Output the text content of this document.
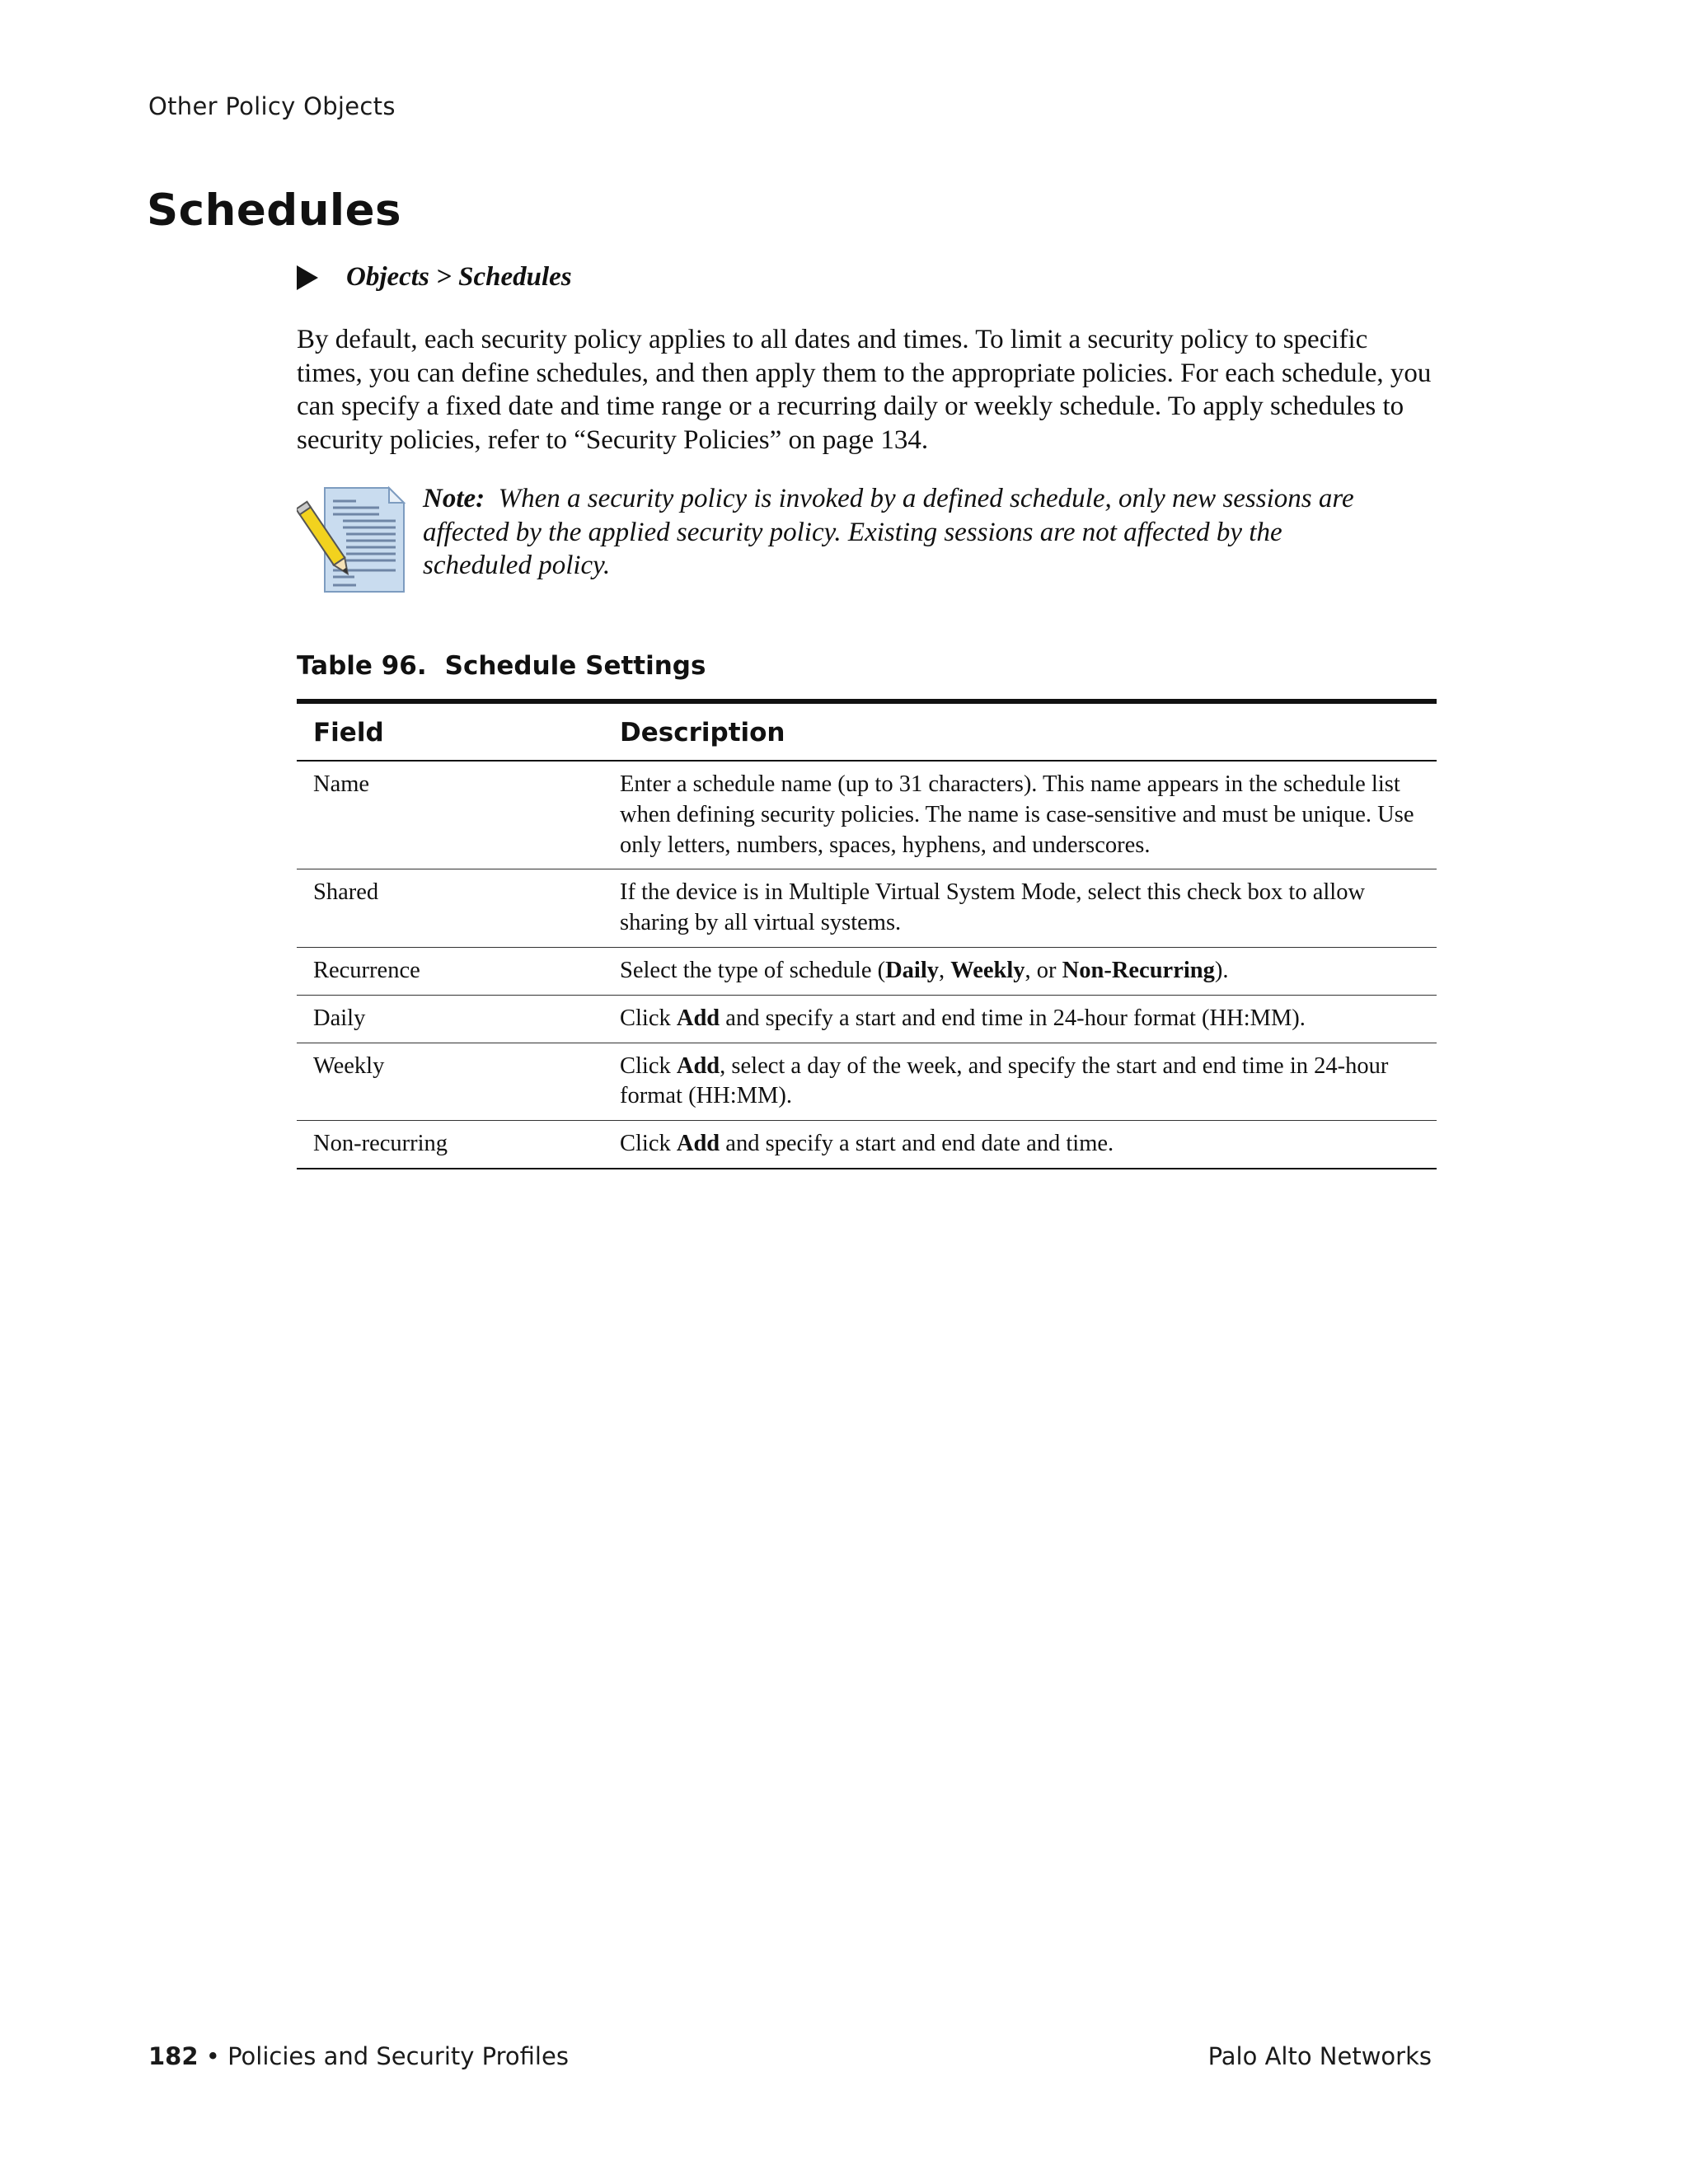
Other Policy Objects
Schedules
Objects > Schedules

By default, each security policy applies to all dates and times. To limit a security policy to specific times, you can define schedules, and then apply them to the appropriate policies. For each schedule, you can specify a fixed date and time range or a recurring daily or weekly schedule. To apply schedules to security policies, refer to “Security Policies” on page 134.

Note: When a security policy is invoked by a defined schedule, only new sessions are affected by the applied security policy. Existing sessions are not affected by the scheduled policy.

Table 96. Schedule Settings
Field	Description
Name	Enter a schedule name (up to 31 characters). This name appears in the schedule list when defining security policies. The name is case-sensitive and must be unique. Use only letters, numbers, spaces, hyphens, and underscores.
Shared	If the device is in Multiple Virtual System Mode, select this check box to allow sharing by all virtual systems.
Recurrence	Select the type of schedule (Daily, Weekly, or Non-Recurring).
Daily	Click Add and specify a start and end time in 24-hour format (HH:MM).
Weekly	Click Add, select a day of the week, and specify the start and end time in 24-hour format (HH:MM).
Non-recurring	Click Add and specify a start and end date and time.
182 • Policies and Security Profiles	Palo Alto Networks
